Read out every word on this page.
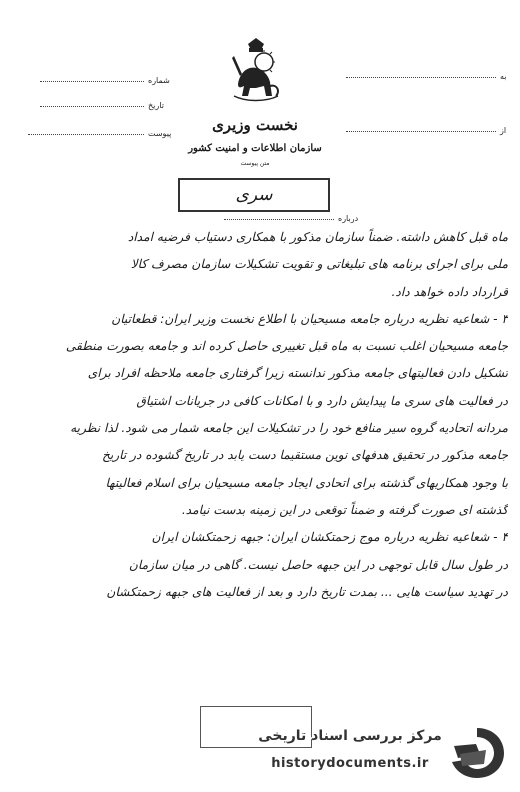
به
از
شماره
تاریخ
پیوست	نخست وزیری
سازمان اطلاعات و امنیت کشور
متن پیوست
سری
درباره
ماه قبل کاهش داشته. ضمناً سازمان مذکور با همکاری دستیاب فرضیه امداد
ملی برای اجرای برنامه های تبلیغاتی و تقویت تشکیلات سازمان مصرف کالا
قرارداد داده خواهد داد.
۳ - شعاعیه نظریه درباره جامعه مسیحیان با اطلاع نخست وزیر ایران: قطعاتیان
جامعه مسیحیان اغلب نسبت به ماه قبل تغییری حاصل کرده اند و جامعه بصورت منطقی
تشکیل دادن فعالیتهای جامعه مذکور ندانسته زیرا گرفتاری جامعه ملاحظه افراد برای
در فعالیت های سری ما پیدایش دارد و با امکانات کافی در جریانات اشتیاق
مردانه اتحادیه گروه سیر منافع خود را در تشکیلات این جامعه شمار می شود. لذا نظریه
جامعه مذکور در تحقیق هدفهای نوین مستقیما دست یابد در تاریخ گشوده در تاریخ
با وجود همکاریهای گذشته برای اتحادی ایجاد جامعه مسیحیان برای اسلام فعالیتها
گذشته ای صورت گرفته و ضمناً توقعی در این زمینه بدست نیامد.
۴ - شعاعیه نظریه درباره موج زحمتکشان ایران: جبهه زحمتکشان ایران
در طول سال قابل توجهی در این جبهه حاصل نیست. گاهی در میان سازمان
در تهدید سیاست هایی ... بمدت تاریخ دارد و بعد از فعالیت های جبهه زحمتکشان
مرکز بررسی اسناد تاریخی
historydocuments.ir
